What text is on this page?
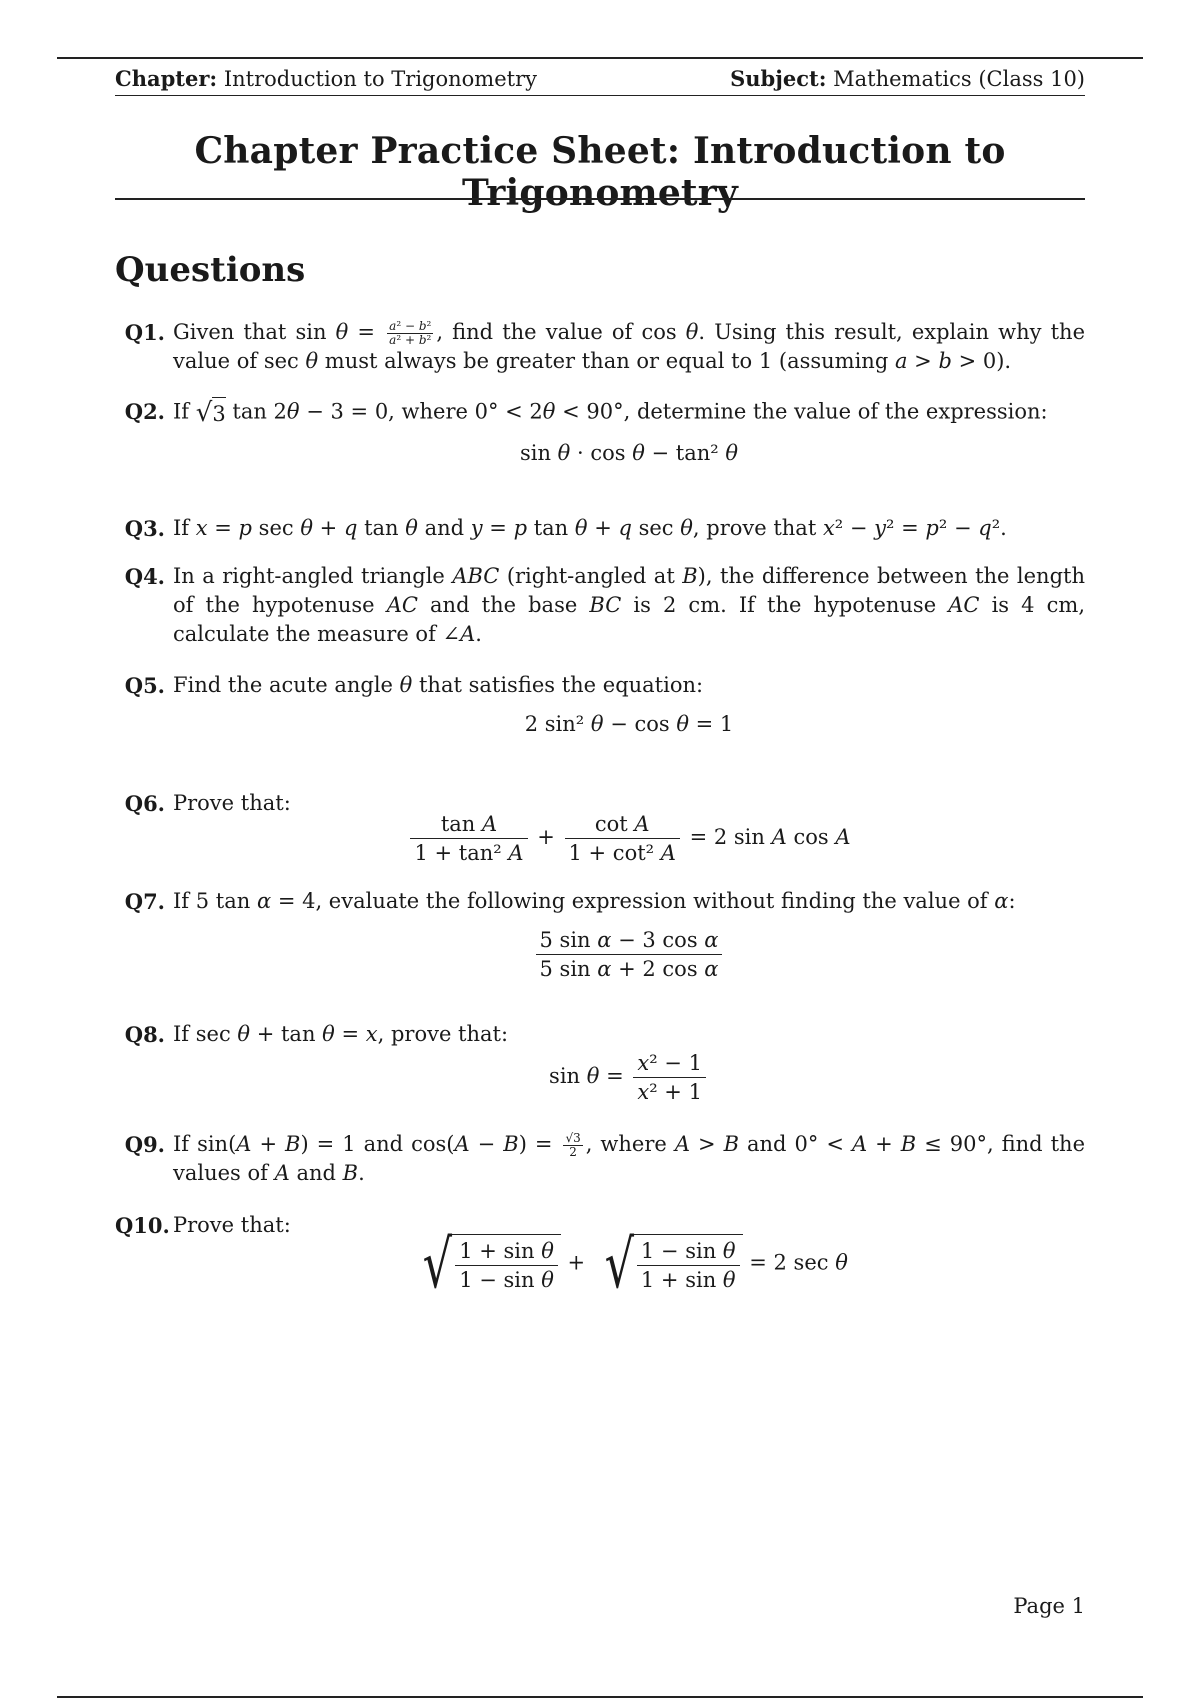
Chapter: Introduction to Trigonometry	Subject: Mathematics (Class 10)
Chapter Practice Sheet: Introduction to Trigonometry
Questions
Q1. Given that $\sin \theta = \frac{\text{a² − b²}}{\text{a² + b²}}$ , find the value of cos θ. Using this result, explain why the value of sec θ must always be greater than or equal to 1 (assuming a > b > 0).
Q2. If √3 tan 2θ − 3 = 0, where 0° < 2θ < 90°, determine the value of the expression:
sin θ · cos θ − tan² θ
Q3. If x = p sec θ + q tan θ and y = p tan θ + q sec θ, prove that x² − y² = p² − q².
Q4. In a right-angled triangle ABC (right-angled at B), the difference between the length of the hypotenuse AC and the base BC is 2 cm. If the hypotenuse AC is 4 cm, calculate the measure of ∠A.
Q5. Find the acute angle θ that satisfies the equation:
2 sin² θ − cos θ = 1
Q6. Prove that:
$\frac{\text{tan A}}{\text{1 + tan² A}} + \frac{\text{cot A}}{\text{1 + cot² A}} = 2$ sin A cos A
Q7. If 5 tan α = 4, evaluate the following expression without finding the value of α:
$\frac{\text{5 sin α − 3 cos α}}{\text{5 sin α + 2 cos α}}$
Q8. If sec θ + tan θ = x, prove that:
$\sin \theta = \frac{\text{x² − 1}}{\text{x² + 1}}$
Q9. If sin(A + B) = 1 and $\cos(A - B) = \frac{√3}{2}$ , where A > B and 0° < A + B ≤ 90°, find the values of A and B.
Q10. Prove that:
√ $\frac{\text{1 + sin θ}}{\text{1 − sin θ}}$ + √ $\frac{\text{1 − sin θ}}{\text{1 + sin θ}} = 2$ sec θ
Page 1
